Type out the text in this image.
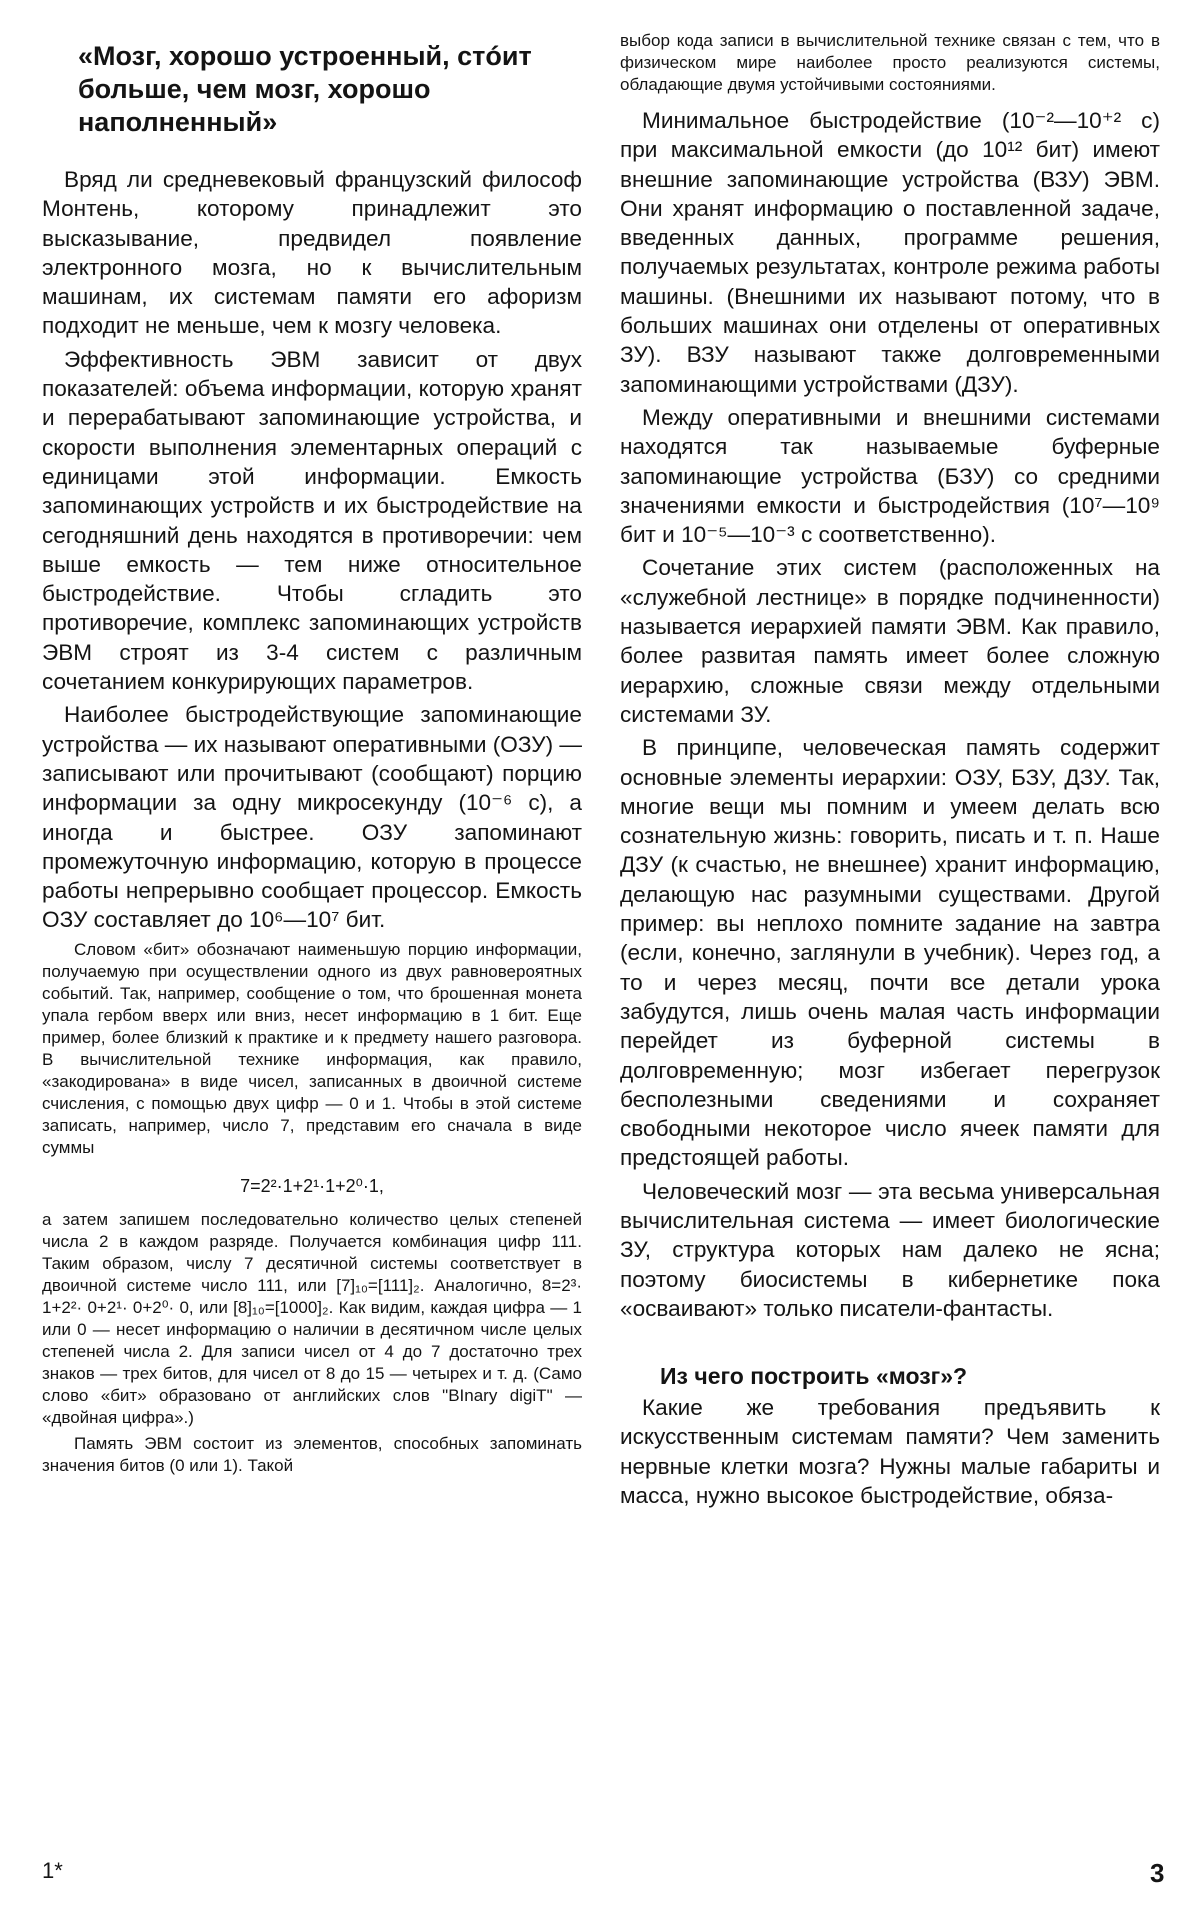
«Мозг, хорошо устроенный, стóит больше, чем мозг, хорошо наполненный»
Вряд ли средневековый французский философ Монтень, которому принадлежит это высказывание, предвидел появление электронного мозга, но к вычислительным машинам, их системам памяти его афоризм подходит не меньше, чем к мозгу человека.
Эффективность ЭВМ зависит от двух показателей: объема информации, которую хранят и перерабатывают запоминающие устройства, и скорости выполнения элементарных операций с единицами этой информации. Емкость запоминающих устройств и их быстродействие на сегодняшний день находятся в противоречии: чем выше емкость — тем ниже относительное быстродействие. Чтобы сгладить это противоречие, комплекс запоминающих устройств ЭВМ строят из 3-4 систем с различным сочетанием конкурирующих параметров.
Наиболее быстродействующие запоминающие устройства — их называют оперативными (ОЗУ) — записывают или прочитывают (сообщают) порцию информации за одну микросекунду (10⁻⁶ с), а иногда и быстрее. ОЗУ запоминают промежуточную информацию, которую в процессе работы непрерывно сообщает процессор. Емкость ОЗУ составляет до 10⁶—10⁷ бит.
Словом «бит» обозначают наименьшую порцию информации, получаемую при осуществлении одного из двух равновероятных событий. Так, например, сообщение о том, что брошенная монета упала гербом вверх или вниз, несет информацию в 1 бит. Еще пример, более близкий к практике и к предмету нашего разговора. В вычислительной технике информация, как правило, «закодирована» в виде чисел, записанных в двоичной системе счисления, с помощью двух цифр — 0 и 1. Чтобы в этой системе записать, например, число 7, представим его сначала в виде суммы
7=2²·1+2¹·1+2⁰·1,
а затем запишем последовательно количество целых степеней числа 2 в каждом разряде. Получается комбинация цифр 111. Таким образом, числу 7 десятичной системы соответствует в двоичной системе число 111, или [7]₁₀=[111]₂. Аналогично, 8=2³· 1+2²· 0+2¹· 0+2⁰· 0, или [8]₁₀=[1000]₂. Как видим, каждая цифра — 1 или 0 — несет информацию о наличии в десятичном числе целых степеней числа 2. Для записи чисел от 4 до 7 достаточно трех знаков — трех битов, для чисел от 8 до 15 — четырех и т. д. (Само слово «бит» образовано от английских слов "BInary digiT" — «двойная цифра».)
Память ЭВМ состоит из элементов, способных запоминать значения битов (0 или 1). Такой
выбор кода записи в вычислительной технике связан с тем, что в физическом мире наиболее просто реализуются системы, обладающие двумя устойчивыми состояниями.
Минимальное быстродействие (10⁻²—10⁺² с) при максимальной емкости (до 10¹² бит) имеют внешние запоминающие устройства (ВЗУ) ЭВМ. Они хранят информацию о поставленной задаче, введенных данных, программе решения, получаемых результатах, контроле режима работы машины. (Внешними их называют потому, что в больших машинах они отделены от оперативных ЗУ). ВЗУ называют также долговременными запоминающими устройствами (ДЗУ).
Между оперативными и внешними системами находятся так называемые буферные запоминающие устройства (БЗУ) со средними значениями емкости и быстродействия (10⁷—10⁹ бит и 10⁻⁵—10⁻³ с соответственно).
Сочетание этих систем (расположенных на «служебной лестнице» в порядке подчиненности) называется иерархией памяти ЭВМ. Как правило, более развитая память имеет более сложную иерархию, сложные связи между отдельными системами ЗУ.
В принципе, человеческая память содержит основные элементы иерархии: ОЗУ, БЗУ, ДЗУ. Так, многие вещи мы помним и умеем делать всю сознательную жизнь: говорить, писать и т. п. Наше ДЗУ (к счастью, не внешнее) хранит информацию, делающую нас разумными существами. Другой пример: вы неплохо помните задание на завтра (если, конечно, заглянули в учебник). Через год, а то и через месяц, почти все детали урока забудутся, лишь очень малая часть информации перейдет из буферной системы в долговременную; мозг избегает перегрузок бесполезными сведениями и сохраняет свободными некоторое число ячеек памяти для предстоящей работы.
Человеческий мозг — эта весьма универсальная вычислительная система — имеет биологические ЗУ, структура которых нам далеко не ясна; поэтому биосистемы в кибернетике пока «осваивают» только писатели-фантасты.
Из чего построить «мозг»?
Какие же требования предъявить к искусственным системам памяти? Чем заменить нервные клетки мозга? Нужны малые габариты и масса, нужно высокое быстродействие, обяза-
1*	3
